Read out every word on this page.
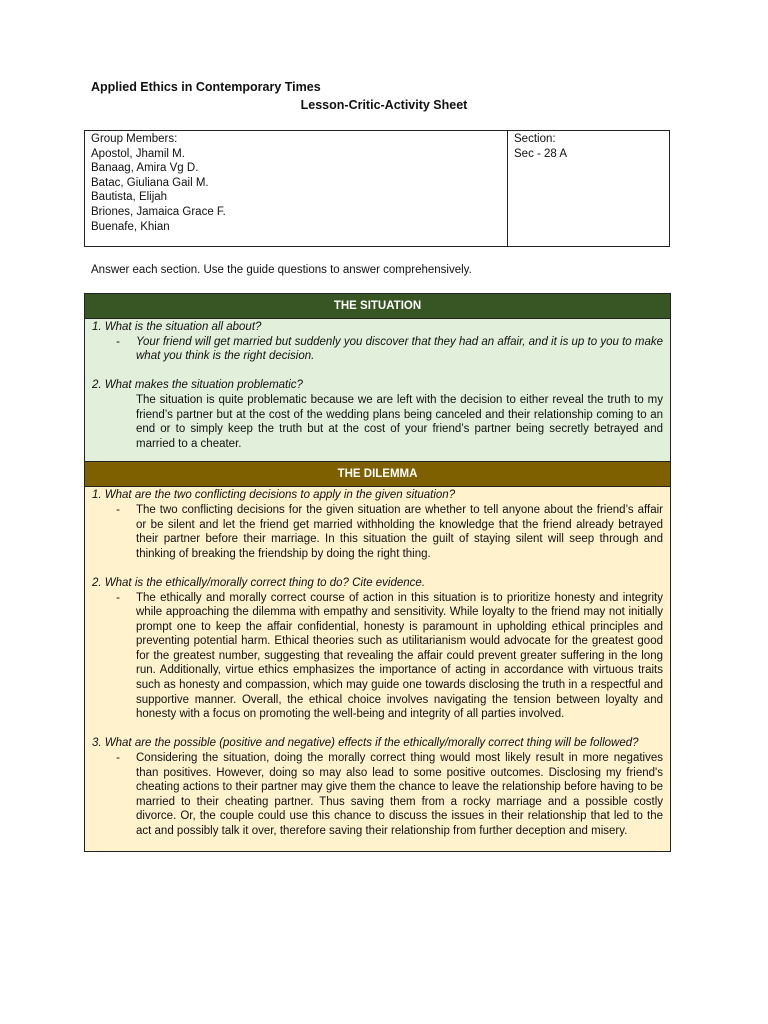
Applied Ethics in Contemporary Times
Lesson-Critic-Activity Sheet
Group Members:
Apostol, Jhamil M.
Banaag, Amira Vg D.
Batac, Giuliana Gail M.
Bautista, Elijah
Briones, Jamaica Grace F.
Buenafe, Khian
Section:
Sec - 28 A
Answer each section. Use the guide questions to answer comprehensively.
THE SITUATION

1. What is the situation all about?

-	Your friend will get married but suddenly you discover that they had an affair, and it is up to you to make what you think is the right decision.

2. What makes the situation problematic?

The situation is quite problematic because we are left with the decision to either reveal the truth to my friend’s partner but at the cost of the wedding plans being canceled and their relationship coming to an end or to simply keep the truth but at the cost of your friend’s partner being secretly betrayed and married to a cheater.
THE DILEMMA

1. What are the two conflicting decisions to apply in the given situation?

-	The two conflicting decisions for the given situation are whether to tell anyone about the friend’s affair or be silent and let the friend get married withholding the knowledge that the friend already betrayed their partner before their marriage. In this situation the guilt of staying silent will seep through and thinking of breaking the friendship by doing the right thing.

2. What is the ethically/morally correct thing to do? Cite evidence.

-	The ethically and morally correct course of action in this situation is to prioritize honesty and integrity while approaching the dilemma with empathy and sensitivity. While loyalty to the friend may not initially prompt one to keep the affair confidential, honesty is paramount in upholding ethical principles and preventing potential harm. Ethical theories such as utilitarianism would advocate for the greatest good for the greatest number, suggesting that revealing the affair could prevent greater suffering in the long run. Additionally, virtue ethics emphasizes the importance of acting in accordance with virtuous traits such as honesty and compassion, which may guide one towards disclosing the truth in a respectful and supportive manner. Overall, the ethical choice involves navigating the tension between loyalty and honesty with a focus on promoting the well-being and integrity of all parties involved.

3. What are the possible (positive and negative) effects if the ethically/morally correct thing will be followed?

-	Considering the situation, doing the morally correct thing would most likely result in more negatives than positives. However, doing so may also lead to some positive outcomes. Disclosing my friend's cheating actions to their partner may give them the chance to leave the relationship before having to be married to their cheating partner. Thus saving them from a rocky marriage and a possible costly divorce. Or, the couple could use this chance to discuss the issues in their relationship that led to the act and possibly talk it over, therefore saving their relationship from further deception and misery.
